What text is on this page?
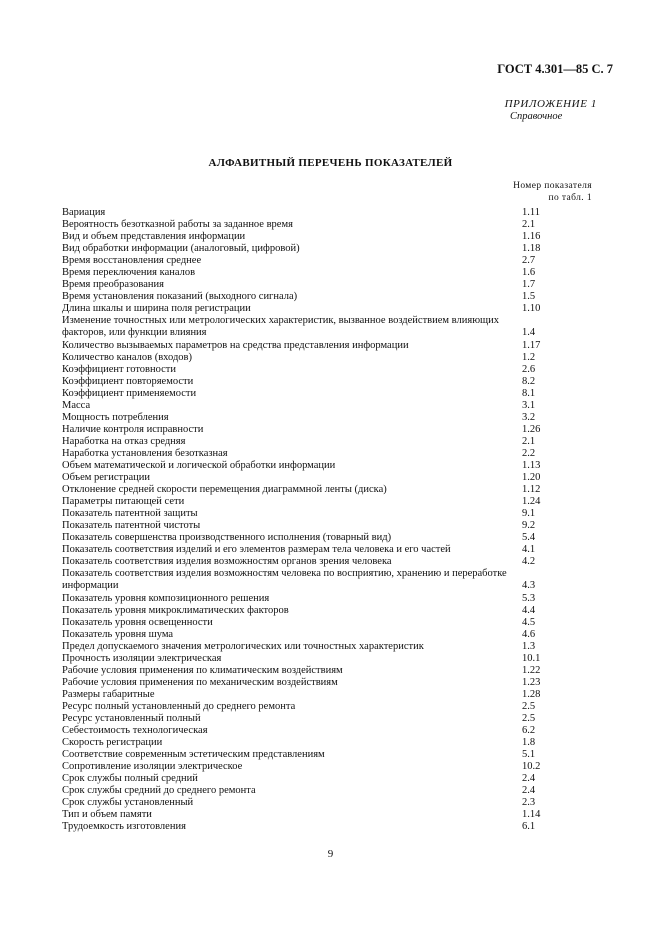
ГОСТ 4.301—85 С. 7
ПРИЛОЖЕНИЕ 1
Справочное
АЛФАВИТНЫЙ ПЕРЕЧЕНЬ ПОКАЗАТЕЛЕЙ
Номер показателя
по табл. 1
Вариация	1.11
Вероятность безотказной работы за заданное время	2.1
Вид и объем представления информации	1.16
Вид обработки информации (аналоговый, цифровой)	1.18
Время восстановления среднее	2.7
Время переключения каналов	1.6
Время преобразования	1.7
Время установления показаний (выходного сигнала)	1.5
Длина шкалы и ширина поля регистрации	1.10
Изменение точностных или метрологических характеристик, вызванное воздействием влияющих факторов, или функции влияния	1.4
Количество вызываемых параметров на средства представления информации	1.17
Количество каналов (входов)	1.2
Коэффициент готовности	2.6
Коэффициент повторяемости	8.2
Коэффициент применяемости	8.1
Масса	3.1
Мощность потребления	3.2
Наличие контроля исправности	1.26
Наработка на отказ средняя	2.1
Наработка установления безотказная	2.2
Объем математической и логической обработки информации	1.13
Объем регистрации	1.20
Отклонение средней скорости перемещения диаграммной ленты (диска)	1.12
Параметры питающей сети	1.24
Показатель патентной защиты	9.1
Показатель патентной чистоты	9.2
Показатель совершенства производственного исполнения (товарный вид)	5.4
Показатель соответствия изделий и его элементов размерам тела человека и его частей	4.1
Показатель соответствия изделия возможностям органов зрения человека	4.2
Показатель соответствия изделия возможностям человека по восприятию, хранению и переработке информации	4.3
Показатель уровня композиционного решения	5.3
Показатель уровня микроклиматических факторов	4.4
Показатель уровня освещенности	4.5
Показатель уровня шума	4.6
Предел допускаемого значения метрологических или точностных характеристик	1.3
Прочность изоляции электрическая	10.1
Рабочие условия применения по климатическим воздействиям	1.22
Рабочие условия применения по механическим воздействиям	1.23
Размеры габаритные	1.28
Ресурс полный установленный до среднего ремонта	2.5
Ресурс установленный полный	2.5
Себестоимость технологическая	6.2
Скорость регистрации	1.8
Соответствие современным эстетическим представлениям	5.1
Сопротивление изоляции электрическое	10.2
Срок службы полный средний	2.4
Срок службы средний до среднего ремонта	2.4
Срок службы установленный	2.3
Тип и объем памяти	1.14
Трудоемкость изготовления	6.1
9
